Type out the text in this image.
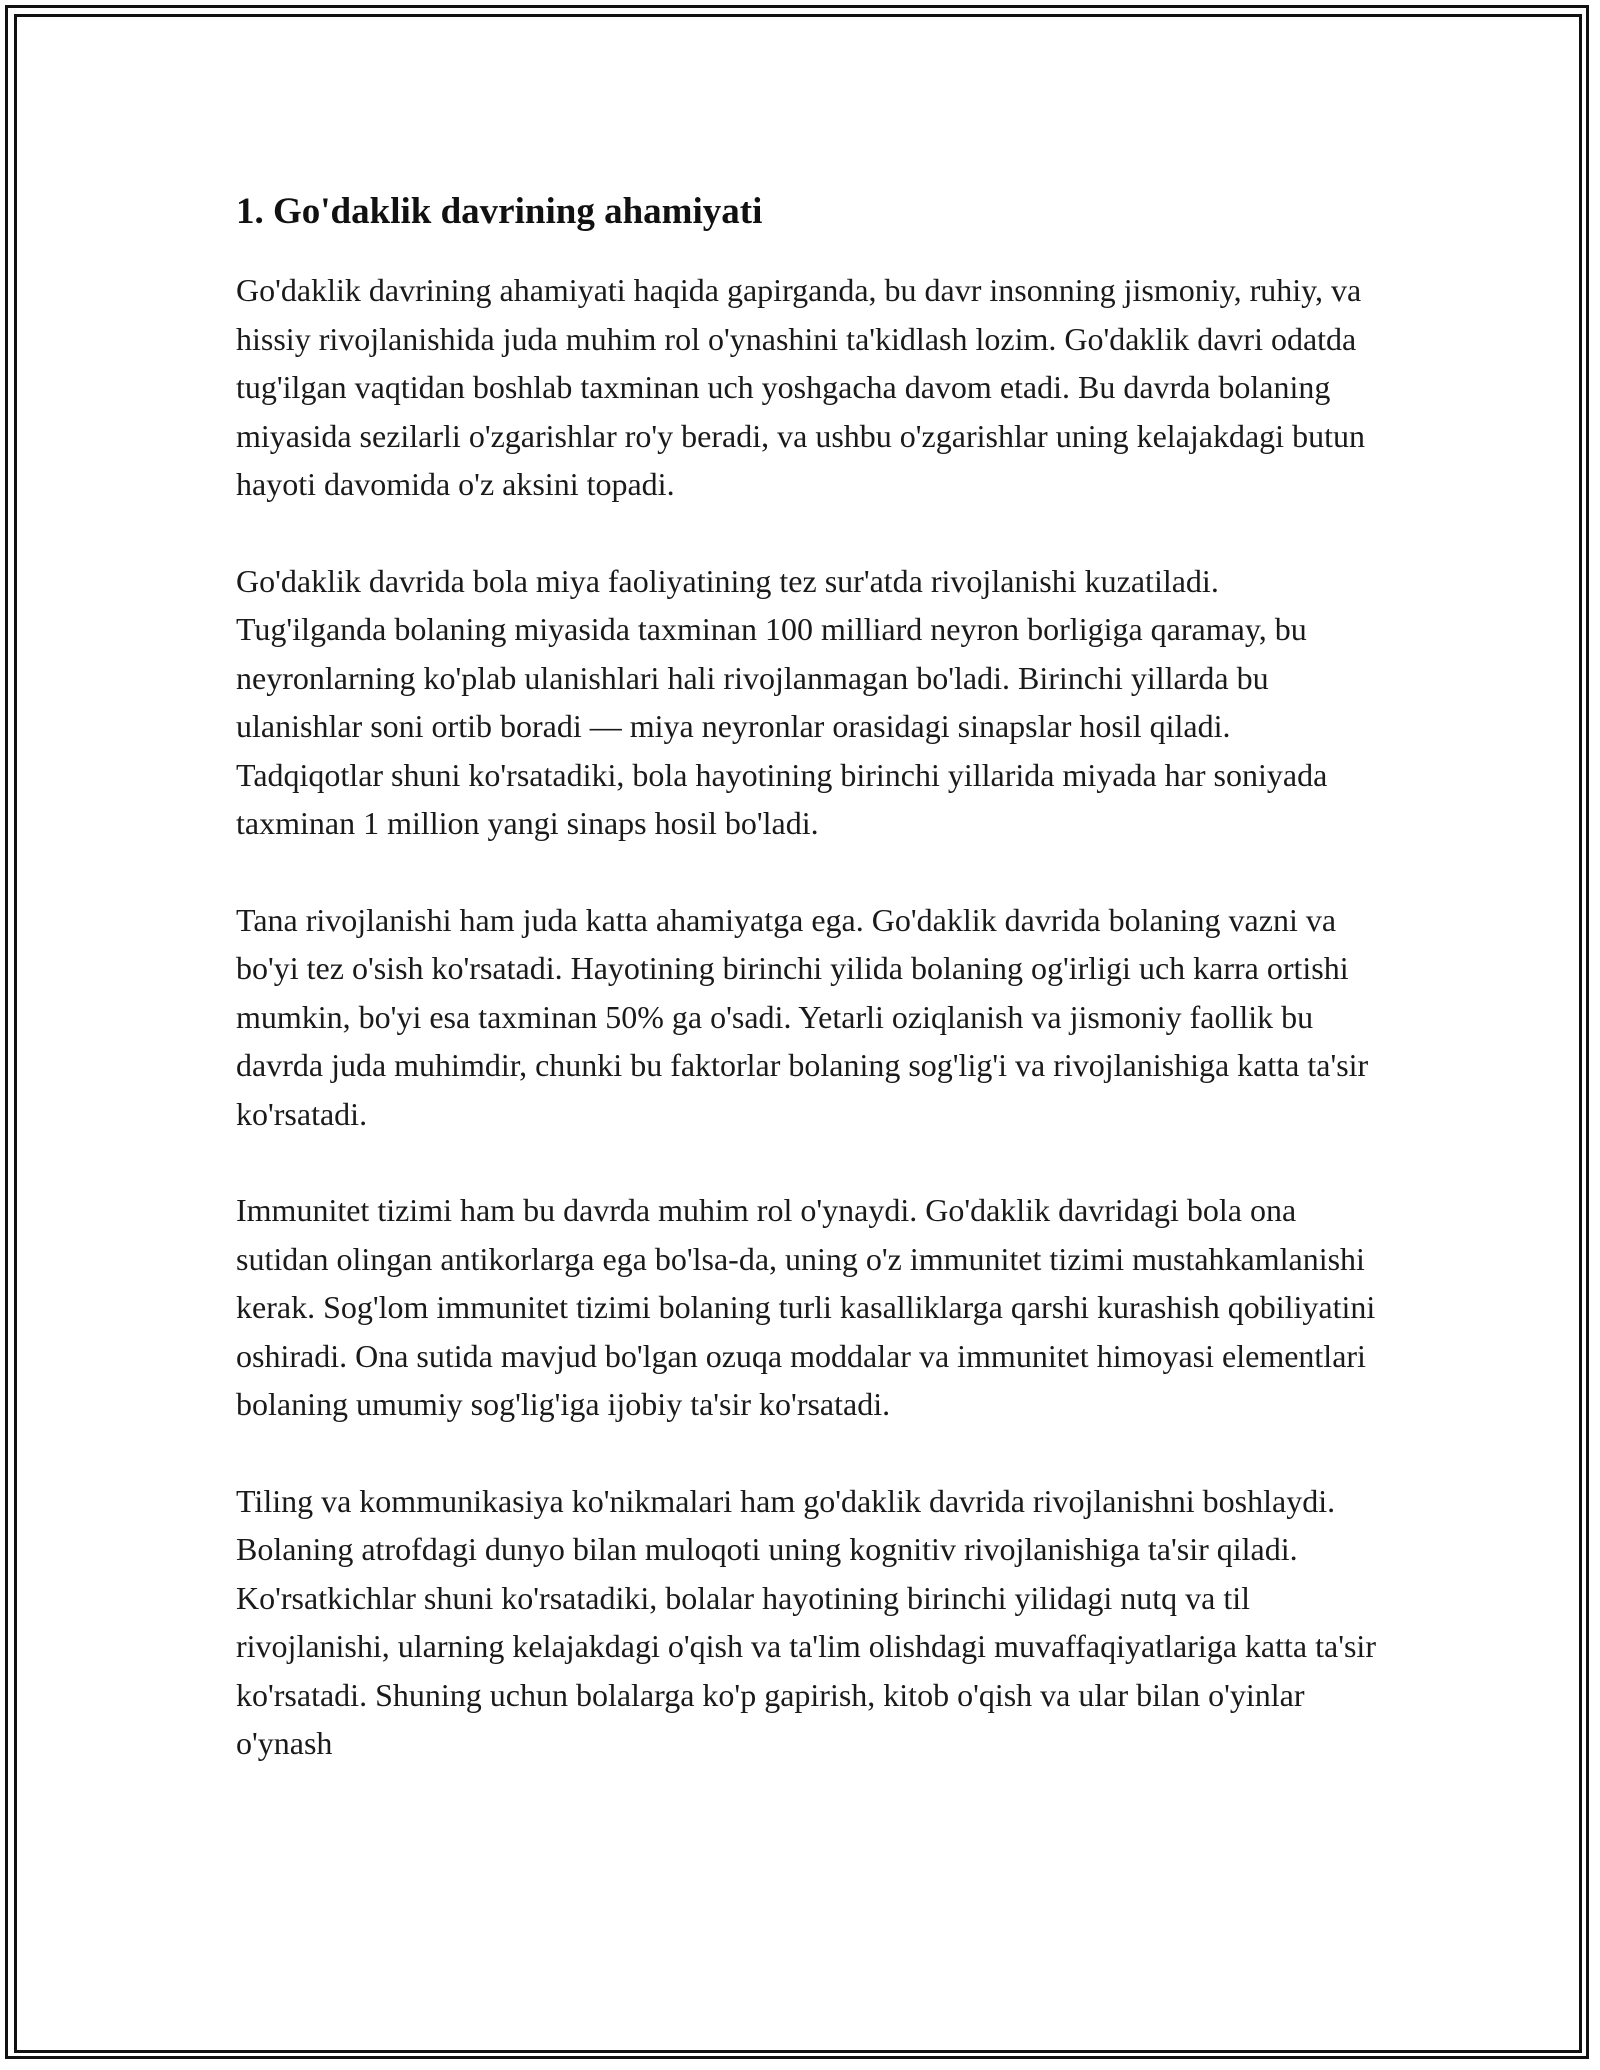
1. Go'daklik davrining ahamiyati

Go'daklik davrining ahamiyati haqida gapirganda, bu davr insonning jismoniy, ruhiy, va hissiy rivojlanishida juda muhim rol o'ynashini ta'kidlash lozim. Go'daklik davri odatda tug'ilgan vaqtidan boshlab taxminan uch yoshgacha davom etadi. Bu davrda bolaning miyasida sezilarli o'zgarishlar ro'y beradi, va ushbu o'zgarishlar uning kelajakdagi butun hayoti davomida o'z aksini topadi.

Go'daklik davrida bola miya faoliyatining tez sur'atda rivojlanishi kuzatiladi. Tug'ilganda bolaning miyasida taxminan 100 milliard neyron borligiga qaramay, bu neyronlarning ko'plab ulanishlari hali rivojlanmagan bo'ladi. Birinchi yillarda bu ulanishlar soni ortib boradi — miya neyronlar orasidagi sinapslar hosil qiladi. Tadqiqotlar shuni ko'rsatadiki, bola hayotining birinchi yillarida miyada har soniyada taxminan 1 million yangi sinaps hosil bo'ladi.

Tana rivojlanishi ham juda katta ahamiyatga ega. Go'daklik davrida bolaning vazni va bo'yi tez o'sish ko'rsatadi. Hayotining birinchi yilida bolaning og'irligi uch karra ortishi mumkin, bo'yi esa taxminan 50% ga o'sadi. Yetarli oziqlanish va jismoniy faollik bu davrda juda muhimdir, chunki bu faktorlar bolaning sog'lig'i va rivojlanishiga katta ta'sir ko'rsatadi.

Immunitet tizimi ham bu davrda muhim rol o'ynaydi. Go'daklik davridagi bola ona sutidan olingan antikorlarga ega bo'lsa-da, uning o'z immunitet tizimi mustahkamlanishi kerak. Sog'lom immunitet tizimi bolaning turli kasalliklarga qarshi kurashish qobiliyatini oshiradi. Ona sutida mavjud bo'lgan ozuqa moddalar va immunitet himoyasi elementlari bolaning umumiy sog'lig'iga ijobiy ta'sir ko'rsatadi.

Tiling va kommunikasiya ko'nikmalari ham go'daklik davrida rivojlanishni boshlaydi. Bolaning atrofdagi dunyo bilan muloqoti uning kognitiv rivojlanishiga ta'sir qiladi. Ko'rsatkichlar shuni ko'rsatadiki, bolalar hayotining birinchi yilidagi nutq va til rivojlanishi, ularning kelajakdagi o'qish va ta'lim olishdagi muvaffaqiyatlariga katta ta'sir ko'rsatadi. Shuning uchun bolalarga ko'p gapirish, kitob o'qish va ular bilan o'yinlar o'ynash
